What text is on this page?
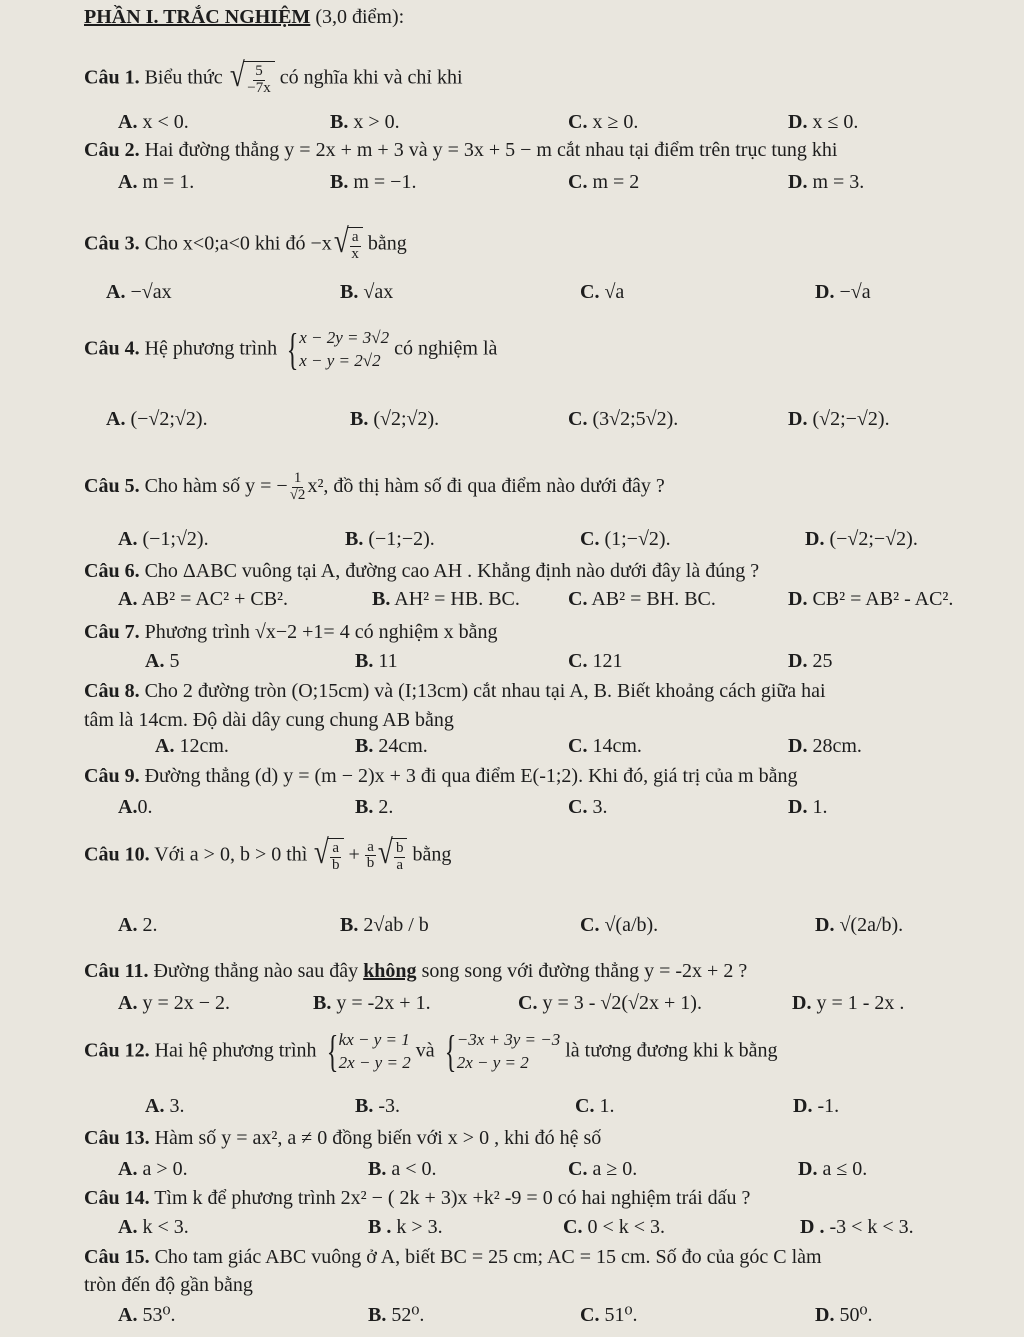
PHẦN I. TRẮC NGHIỆM (3,0 điểm):
Câu 1. Biểu thức √ $\frac{5}{-7x}$ có nghĩa khi và chỉ khi
A. x < 0.	B. x > 0.	C. x ≥ 0.	D. x ≤ 0.
Câu 2. Hai đường thẳng y = 2x + m + 3 và y = 3x + 5 − m cắt nhau tại điểm trên trục tung khi
A. m = 1.	B. m = −1.	C. m = 2	D. m = 3.
Câu 3. Cho x<0;a<0 khi đó −x √ $\frac{a}{x}$ bằng
A. −√ax	B. √ax	C. √a	D. −√a
Câu 4. Hệ phương trình { x − 2y = 3√2
x − y = 2√2
có nghiệm là
A. (−√2;√2).	B. (√2;√2).	C. (3√2;5√2).	D. (√2;−√2).
Câu 5. Cho hàm số y = − $\frac{1}{√2} x^2$, đồ thị hàm số đi qua điểm nào dưới đây ?
A. (−1;√2).	B. (−1;−2).	C. (1;−√2).	D. (−√2;−√2).
Câu 6. Cho ΔABC vuông tại A, đường cao AH . Khẳng định nào dưới đây là đúng ?
A. AB² = AC² + CB².	B. AH² = HB. BC. C. AB² = BH. BC.	D. CB² = AB² - AC².
Câu 7. Phương trình √x−2 +1= 4 có nghiệm x bằng
A. 5	B. 11	C. 121	D. 25
Câu 8. Cho 2 đường tròn (O;15cm) và (I;13cm) cắt nhau tại A, B. Biết khoảng cách giữa hai
tâm là 14cm. Độ dài dây cung chung AB bằng
A. 12cm.	B. 24cm.	C. 14cm.	D. 28cm.
Câu 9. Đường thẳng (d) y = (m − 2)x + 3 đi qua điểm E(-1;2). Khi đó, giá trị của m bằng
A.0.	B. 2.	C. 3.	D. 1.
Câu 10. Với a > 0, b > 0 thì √ $\frac{a}{b} + \frac{a}{b}$ √ $\frac{b}{a}$ bằng
A. 2.	B. 2√ab / b	C. √(a/b).	D. √(2a/b).
Câu 11. Đường thẳng nào sau đây không song song với đường thẳng y = -2x + 2 ?
A. y = 2x − 2.	B. y = -2x + 1.	C. y = 3 - √2(√2x + 1).	D. y = 1 - 2x .
Câu 12. Hai hệ phương trình { kx − y = 1
2x − y = 2
và { −3x + 3y = −3
2x − y = 2
là tương đương khi k bằng
A. 3.	B. -3.	C. 1.	D. -1.
Câu 13. Hàm số y = ax², a ≠ 0 đồng biến với x > 0 , khi đó hệ số
A. a > 0.	B. a < 0.	C. a ≥ 0.	D. a ≤ 0.
Câu 14. Tìm k để phương trình 2x² − ( 2k + 3)x +k² -9 = 0 có hai nghiệm trái dấu ?
A. k < 3.	B . k > 3.	C. 0 < k < 3.	D . -3 < k < 3.
Câu 15. Cho tam giác ABC vuông ở A, biết BC = 25 cm; AC = 15 cm. Số đo của góc C làm
tròn đến độ gần bằng
A. 53⁰.	B. 52⁰.	C. 51⁰.	D. 50⁰.
